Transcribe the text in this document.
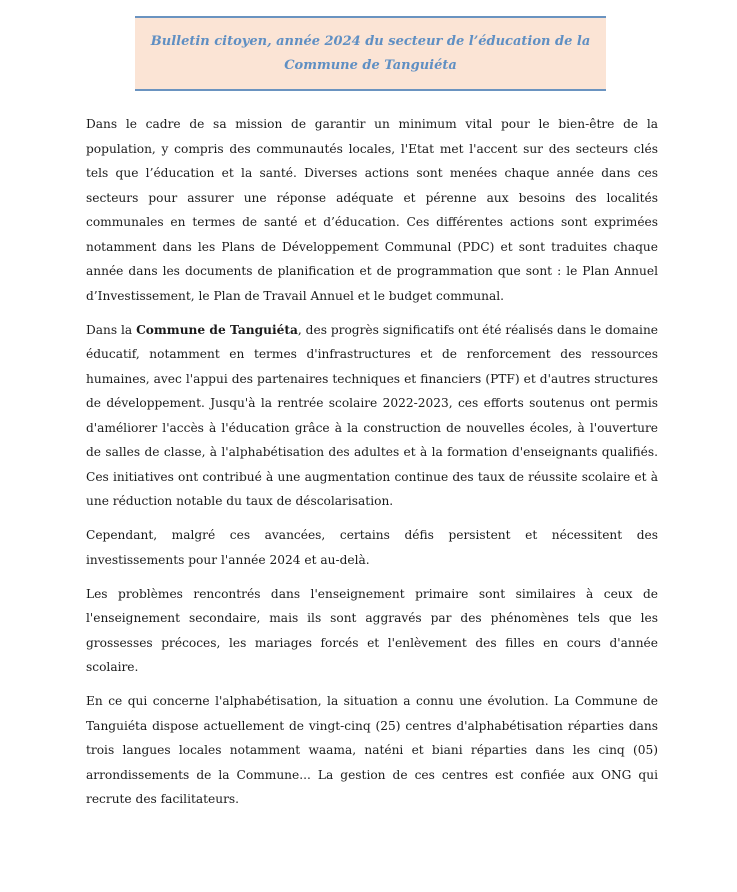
Bulletin citoyen, année 2024 du secteur de l’éducation de la
Commune de Tanguiéta

Dans le cadre de sa mission de garantir un minimum vital pour le bien-être de la population, y compris des communautés locales, l'Etat met l'accent sur des secteurs clés tels que l’éducation et la santé. Diverses actions sont menées chaque année dans ces secteurs pour assurer une réponse adéquate et pérenne aux besoins des localités communales en termes de santé et d’éducation. Ces différentes actions sont exprimées notamment dans les Plans de Développement Communal (PDC) et sont traduites chaque année dans les documents de planification et de programmation que sont : le Plan Annuel d’Investissement, le Plan de Travail Annuel et le budget communal.

Dans la Commune de Tanguiéta, des progrès significatifs ont été réalisés dans le domaine éducatif, notamment en termes d'infrastructures et de renforcement des ressources humaines, avec l'appui des partenaires techniques et financiers (PTF) et d'autres structures de développement. Jusqu'à la rentrée scolaire 2022-2023, ces efforts soutenus ont permis d'améliorer l'accès à l'éducation grâce à la construction de nouvelles écoles, à l'ouverture de salles de classe, à l'alphabétisation des adultes et à la formation d'enseignants qualifiés. Ces initiatives ont contribué à une augmentation continue des taux de réussite scolaire et à une réduction notable du taux de déscolarisation.

Cependant, malgré ces avancées, certains défis persistent et nécessitent des investissements pour l'année 2024 et au-delà.

Les problèmes rencontrés dans l'enseignement primaire sont similaires à ceux de l'enseignement secondaire, mais ils sont aggravés par des phénomènes tels que les grossesses précoces, les mariages forcés et l'enlèvement des filles en cours d'année scolaire.

En ce qui concerne l'alphabétisation, la situation a connu une évolution. La Commune de Tanguiéta dispose actuellement de vingt-cinq (25) centres d'alphabétisation réparties dans trois langues locales notamment waama, naténi et biani réparties dans les cinq (05) arrondissements de la Commune... La gestion de ces centres est confiée aux ONG qui recrute des facilitateurs.
